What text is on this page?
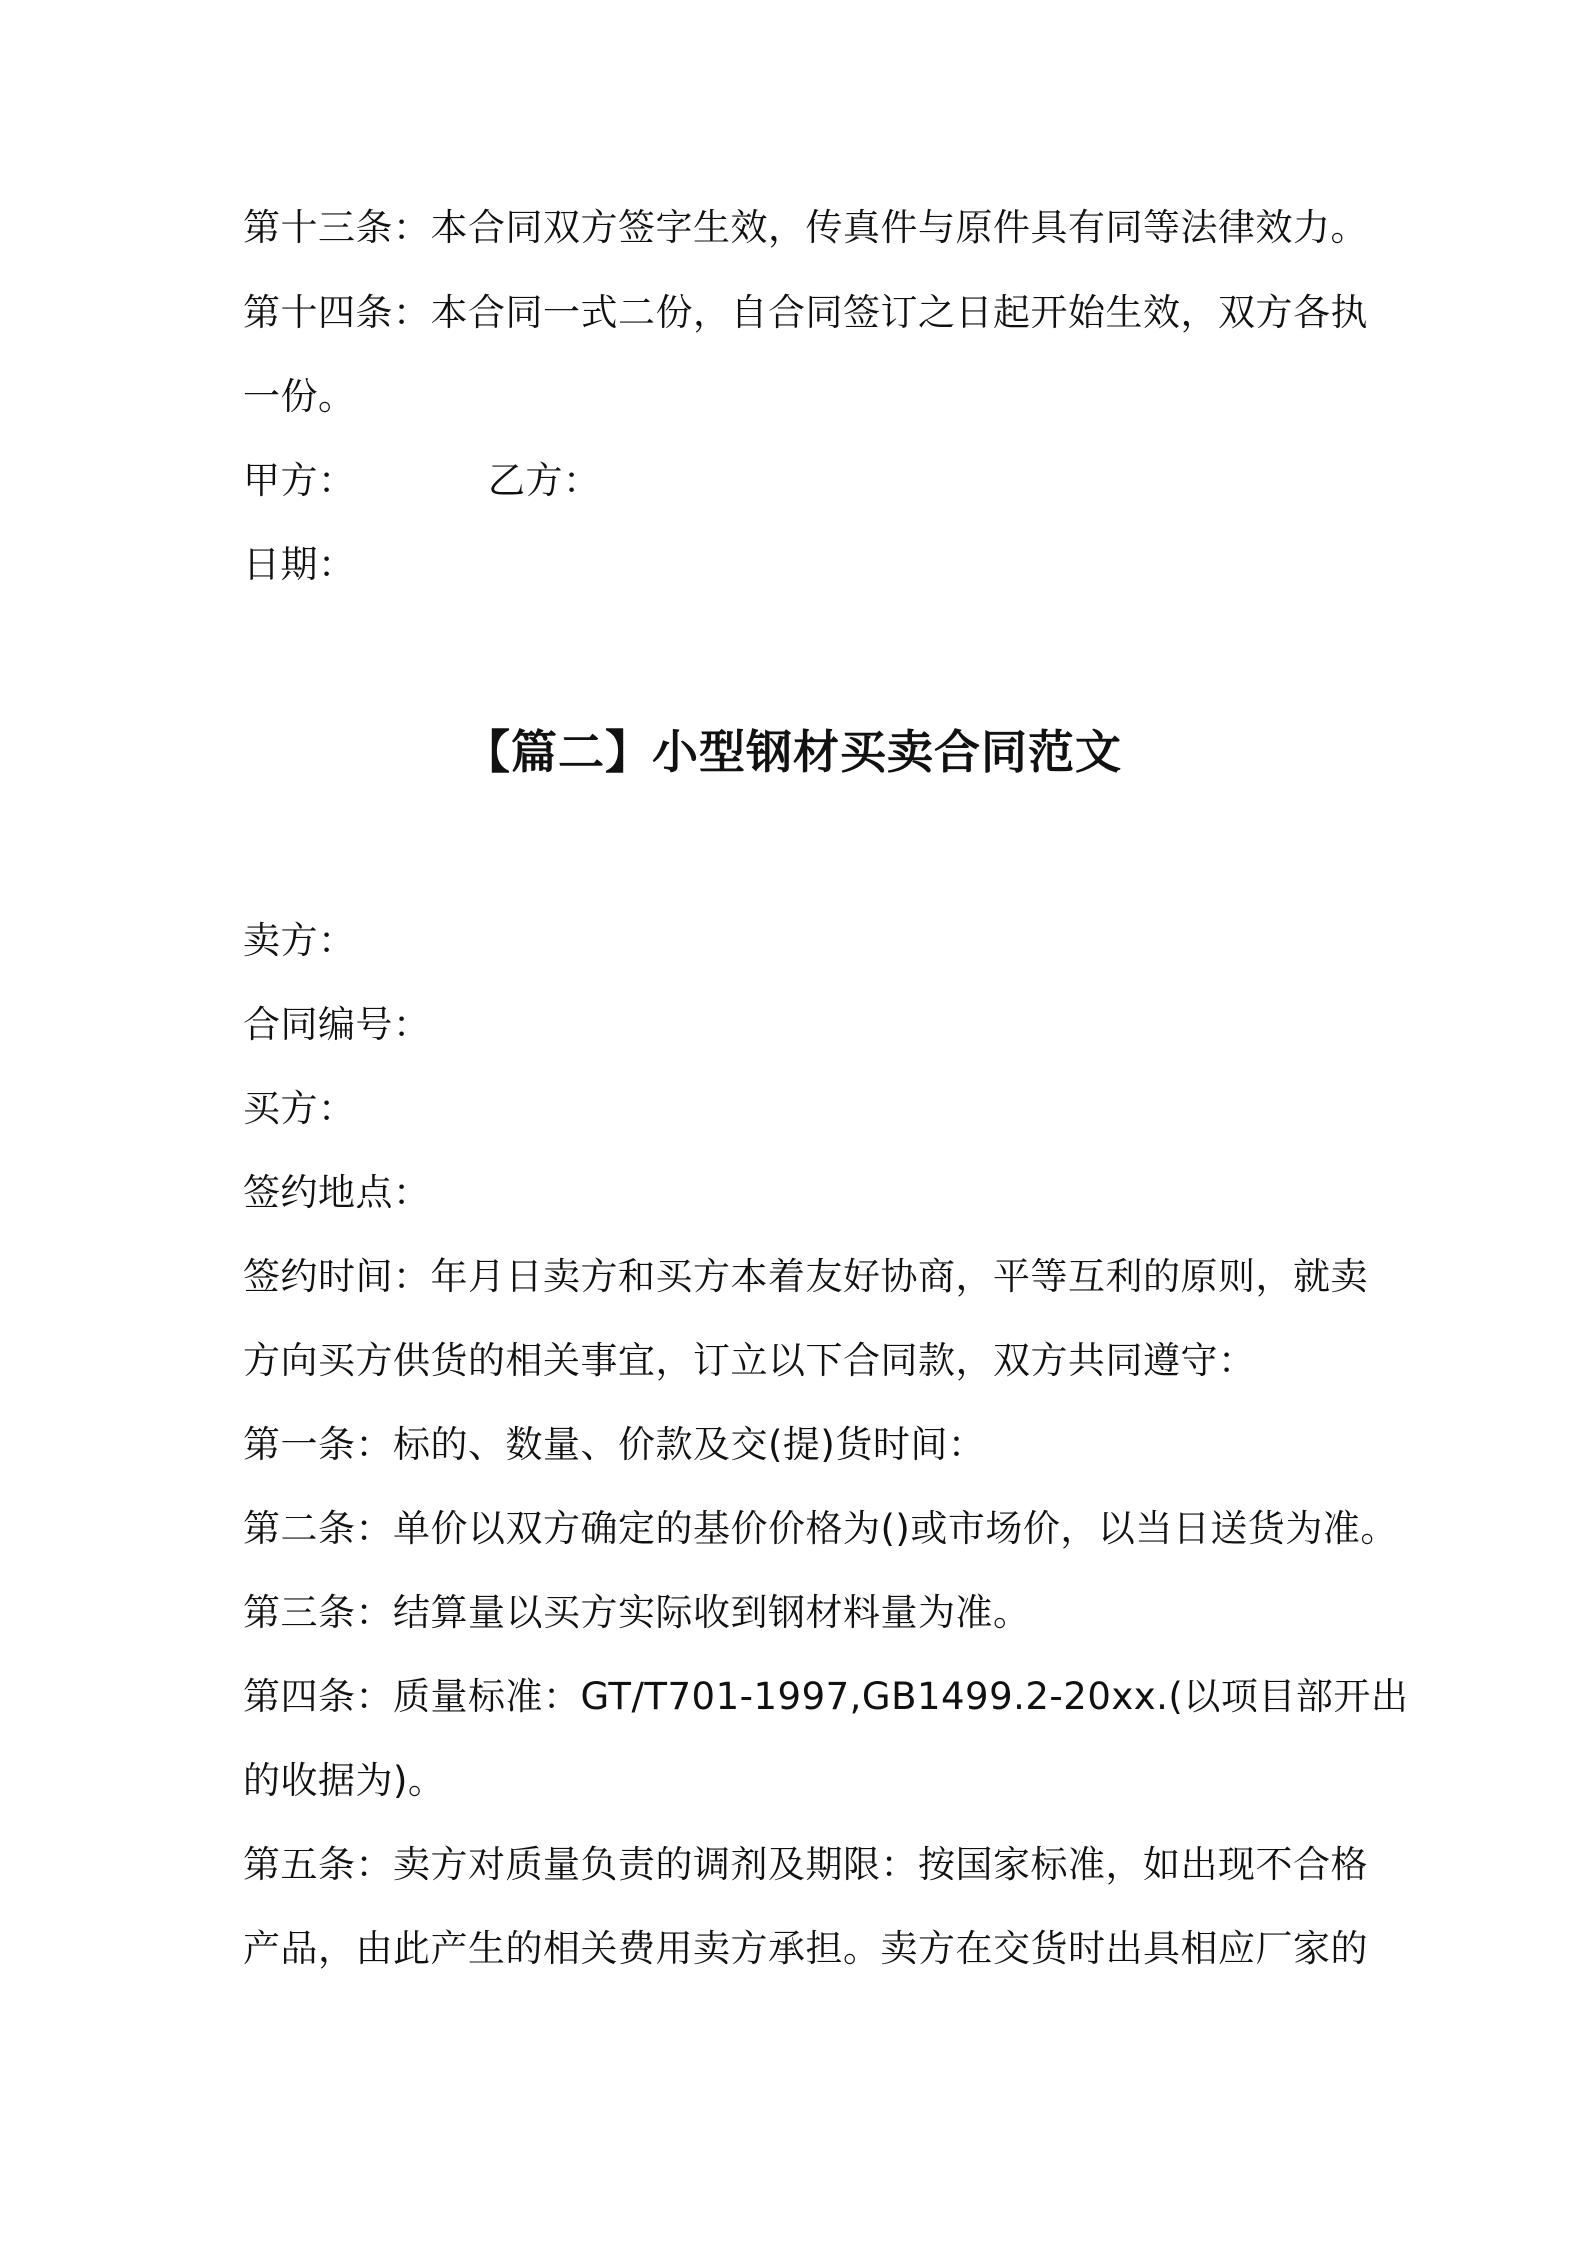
第十三条：本合同双方签字生效，传真件与原件具有同等法律效力。
第十四条：本合同一式二份，自合同签订之日起开始生效，双方各执
一份。
甲方：	乙方：
日期：
【篇二】小型钢材买卖合同范文
卖方：
合同编号：
买方：
签约地点：
签约时间：年月日卖方和买方本着友好协商，平等互利的原则，就卖
方向买方供货的相关事宜，订立以下合同款，双方共同遵守：
第一条：标的、数量、价款及交(提)货时间：
第二条：单价以双方确定的基价价格为()或市场价，以当日送货为准。
第三条：结算量以买方实际收到钢材料量为准。
第四条：质量标准：GT/T701-1997,GB1499.2-20xx.(以项目部开出
的收据为)。
第五条：卖方对质量负责的调剂及期限：按国家标准，如出现不合格
产品，由此产生的相关费用卖方承担。卖方在交货时出具相应厂家的
